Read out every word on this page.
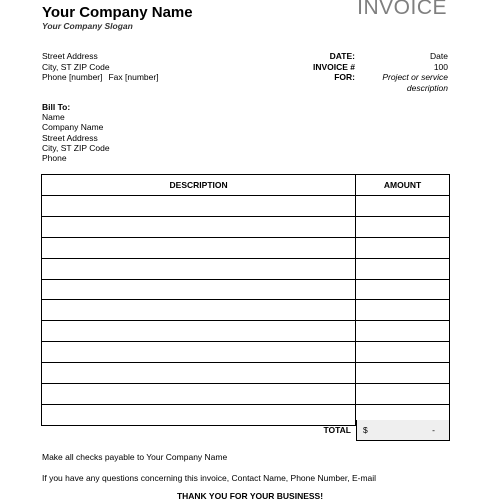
Your Company Name
Your Company Slogan
INVOICE
Street Address
City, ST ZIP Code
Phone [number] Fax [number]
DATE:	Date
INVOICE #	100
FOR:	Project or service
description
Bill To:
Name
Company Name
Street Address
City, ST ZIP Code
Phone
DESCRIPTION	AMOUNT

TOTAL	$	-
Make all checks payable to Your Company Name
If you have any questions concerning this invoice, Contact Name, Phone Number, E-mail
THANK YOU FOR YOUR BUSINESS!
